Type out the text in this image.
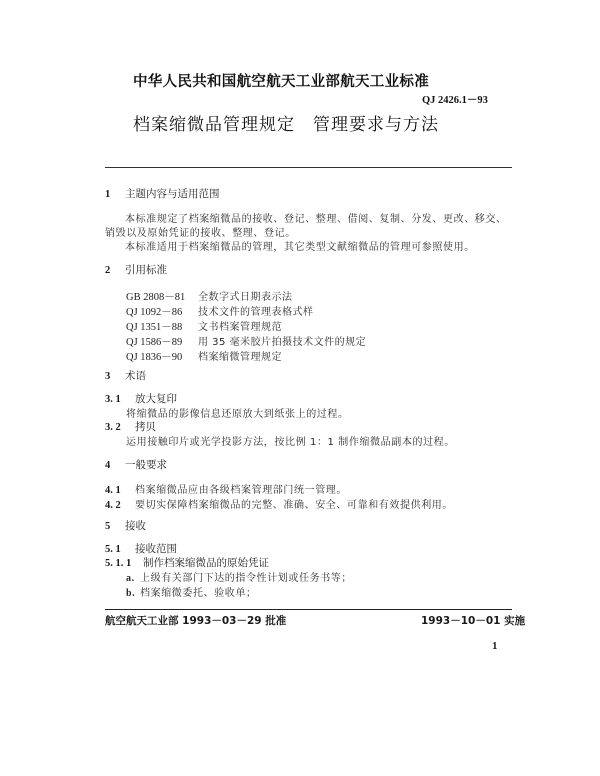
中华人民共和国航空航天工业部航天工业标准
QJ 2426.1－93
档案缩微品管理规定 管理要求与方法
1 主题内容与适用范围
本标准规定了档案缩微品的接收、登记、整理、借阅、复制、分发、更改、移交、
销毁以及原始凭证的接收、整理、登记。
本标准适用于档案缩微品的管理，其它类型文献缩微品的管理可参照使用。
2 引用标准
GB 2808－81 全数字式日期表示法
QJ 1092－86 技术文件的管理表格式样
QJ 1351－88 文书档案管理规范
QJ 1586－89 用 35 毫米胶片拍摄技术文件的规定
QJ 1836－90 档案缩微管理规定
3 术语
3. 1 放大复印
将缩微品的影像信息还原放大到纸张上的过程。
3. 2 拷贝
运用接触印片或光学投影方法，按比例 1：1 制作缩微品副本的过程。
4 一般要求
4. 1 档案缩微品应由各级档案管理部门统一管理。
4. 2 要切实保障档案缩微品的完整、准确、安全、可靠和有效提供利用。
5 接收
5. 1 接收范围
5. 1. 1 制作档案缩微品的原始凭证
a. 上级有关部门下达的指令性计划或任务书等；
b. 档案缩微委托、验收单；
航空航天工业部 1993－03－29 批准	1993－10－01 实施
1
